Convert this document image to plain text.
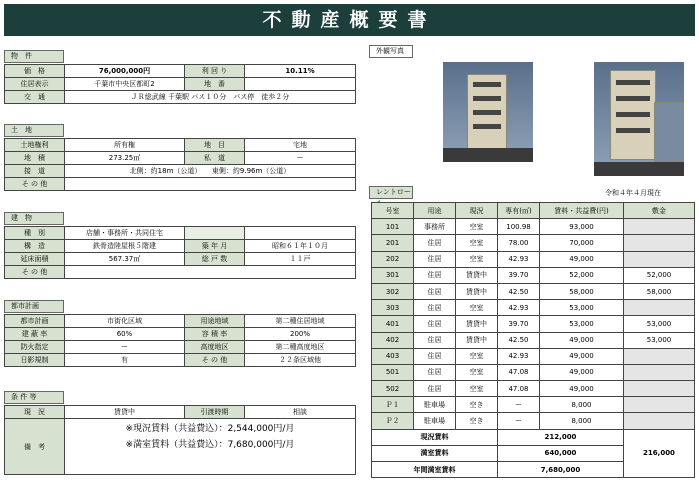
不動産概要書
物　件
価　格	76,000,000円	利 回 り	10.11%
住居表示	千葉市中央区都町2	地　番	
交　通	ＪＲ総武線 千葉駅 バス１０分　バス停　徒歩２分		
土　地
土地権利	所有権	地　目	宅地
地　積	273.25㎡	私　道	ー
接　道	北側：約18m（公道）　　東側：約9.96m（公道）		
そ の 他			
建　物
種　別	店舗・事務所・共同住宅		
構　造	鉄骨造陸屋根５階建	築 年 月	昭和６１年１０月
延床面積	567.37㎡	総 戸 数	１１戸
そ の 他			
都市計画
都市計画	市街化区域	用途地域	第二種住居地域
建 蔽 率	60%	容 積 率	200%
防火指定	ー	高度地区	第二種高度地区
日影規制	有	そ の 他	２２条区域他
条 件 等
現　況	賃貸中	引渡時期	相談
備　考	※現況賃料（共益費込）：2,544,000円/月
※満室賃料（共益費込）：7,680,000円/月		
外観写真
レントロー	令和４年４月現在
号室	用途	現況	専有(㎡)	賃料・共益費(円)	敷金
101	事務所	空室	100.98	93,000	
201	住居	空室	78.00	70,000	
202	住居	空室	42.93	49,000	
301	住居	賃貸中	39.70	52,000	52,000
302	住居	賃貸中	42.50	58,000	58,000
303	住居	空室	42.93	53,000	
401	住居	賃貸中	39.70	53,000	53,000
402	住居	賃貸中	42.50	49,000	53,000
403	住居	空室	42.93	49,000	
501	住居	空室	47.08	49,000	
502	住居	空室	47.08	49,000	
Ｐ１	駐車場	空き	ー	8,000	
Ｐ２	駐車場	空き	ー	8,000	
現況賃料			212,000		216,000
満室賃料			640,000		
年間満室賃料			7,680,000		
